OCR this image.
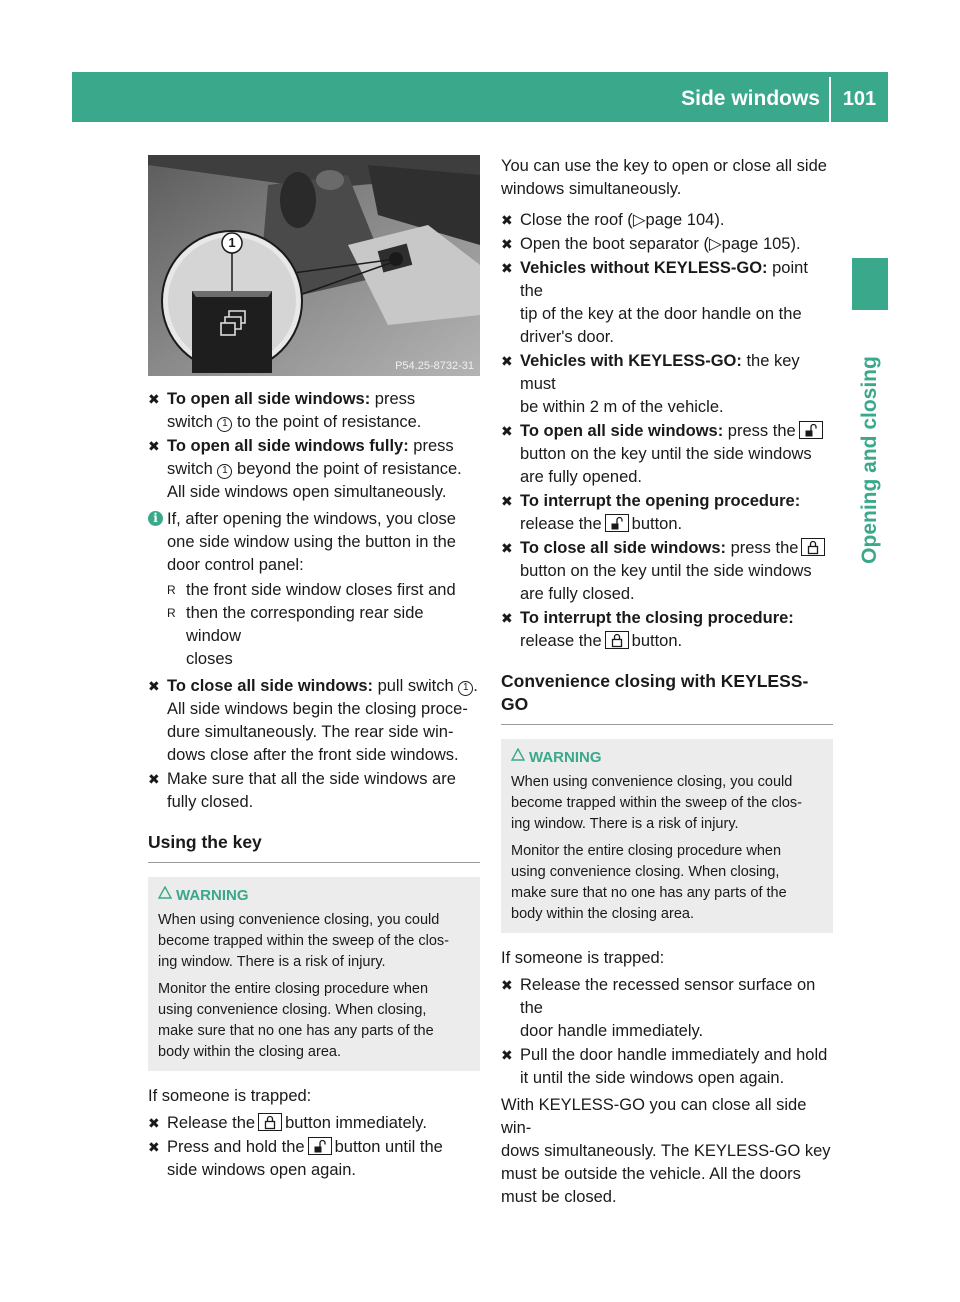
Side windows	101
Opening and closing
1
P54.25-8732-31
✖ To open all side windows: press
switch 1 to the point of resistance.
✖ To open all side windows fully: press
switch 1 beyond the point of resistance.
All side windows open simultaneously.
i If, after opening the windows, you close
one side window using the button in the
door control panel:
R the front side window closes first and
R then the corresponding rear side window
closes
✖ To close all side windows: pull switch 1 .
All side windows begin the closing proce-
dure simultaneously. The rear side win-
dows close after the front side windows.
✖ Make sure that all the side windows are
fully closed.
Using the key
WARNING

When using convenience closing, you could
become trapped within the sweep of the clos-
ing window. There is a risk of injury.

Monitor the entire closing procedure when
using convenience closing. When closing,
make sure that no one has any parts of the
body within the closing area.

If someone is trapped:
✖ Release the button immediately.
✖ Press and hold the button until the
side windows open again.
You can use the key to open or close all side
windows simultaneously.
✖ Close the roof (▷page 104).
✖ Open the boot separator (▷page 105).
✖ Vehicles without KEYLESS-GO: point the
tip of the key at the door handle on the
driver's door.
✖ Vehicles with KEYLESS-GO: the key must
be within 2 m of the vehicle.
✖ To open all side windows: press the

button on the key until the side windows
are fully opened.
✖ To interrupt the opening procedure:
release the button.
✖ To close all side windows: press the

button on the key until the side windows
are fully closed.
✖ To interrupt the closing procedure:
release the button.
Convenience closing with KEYLESS-GO
WARNING

When using convenience closing, you could
become trapped within the sweep of the clos-
ing window. There is a risk of injury.

Monitor the entire closing procedure when
using convenience closing. When closing,
make sure that no one has any parts of the
body within the closing area.

If someone is trapped:
✖ Release the recessed sensor surface on the
door handle immediately.
✖ Pull the door handle immediately and hold
it until the side windows open again.
With KEYLESS-GO you can close all side win-
dows simultaneously. The KEYLESS-GO key
must be outside the vehicle. All the doors
must be closed.
